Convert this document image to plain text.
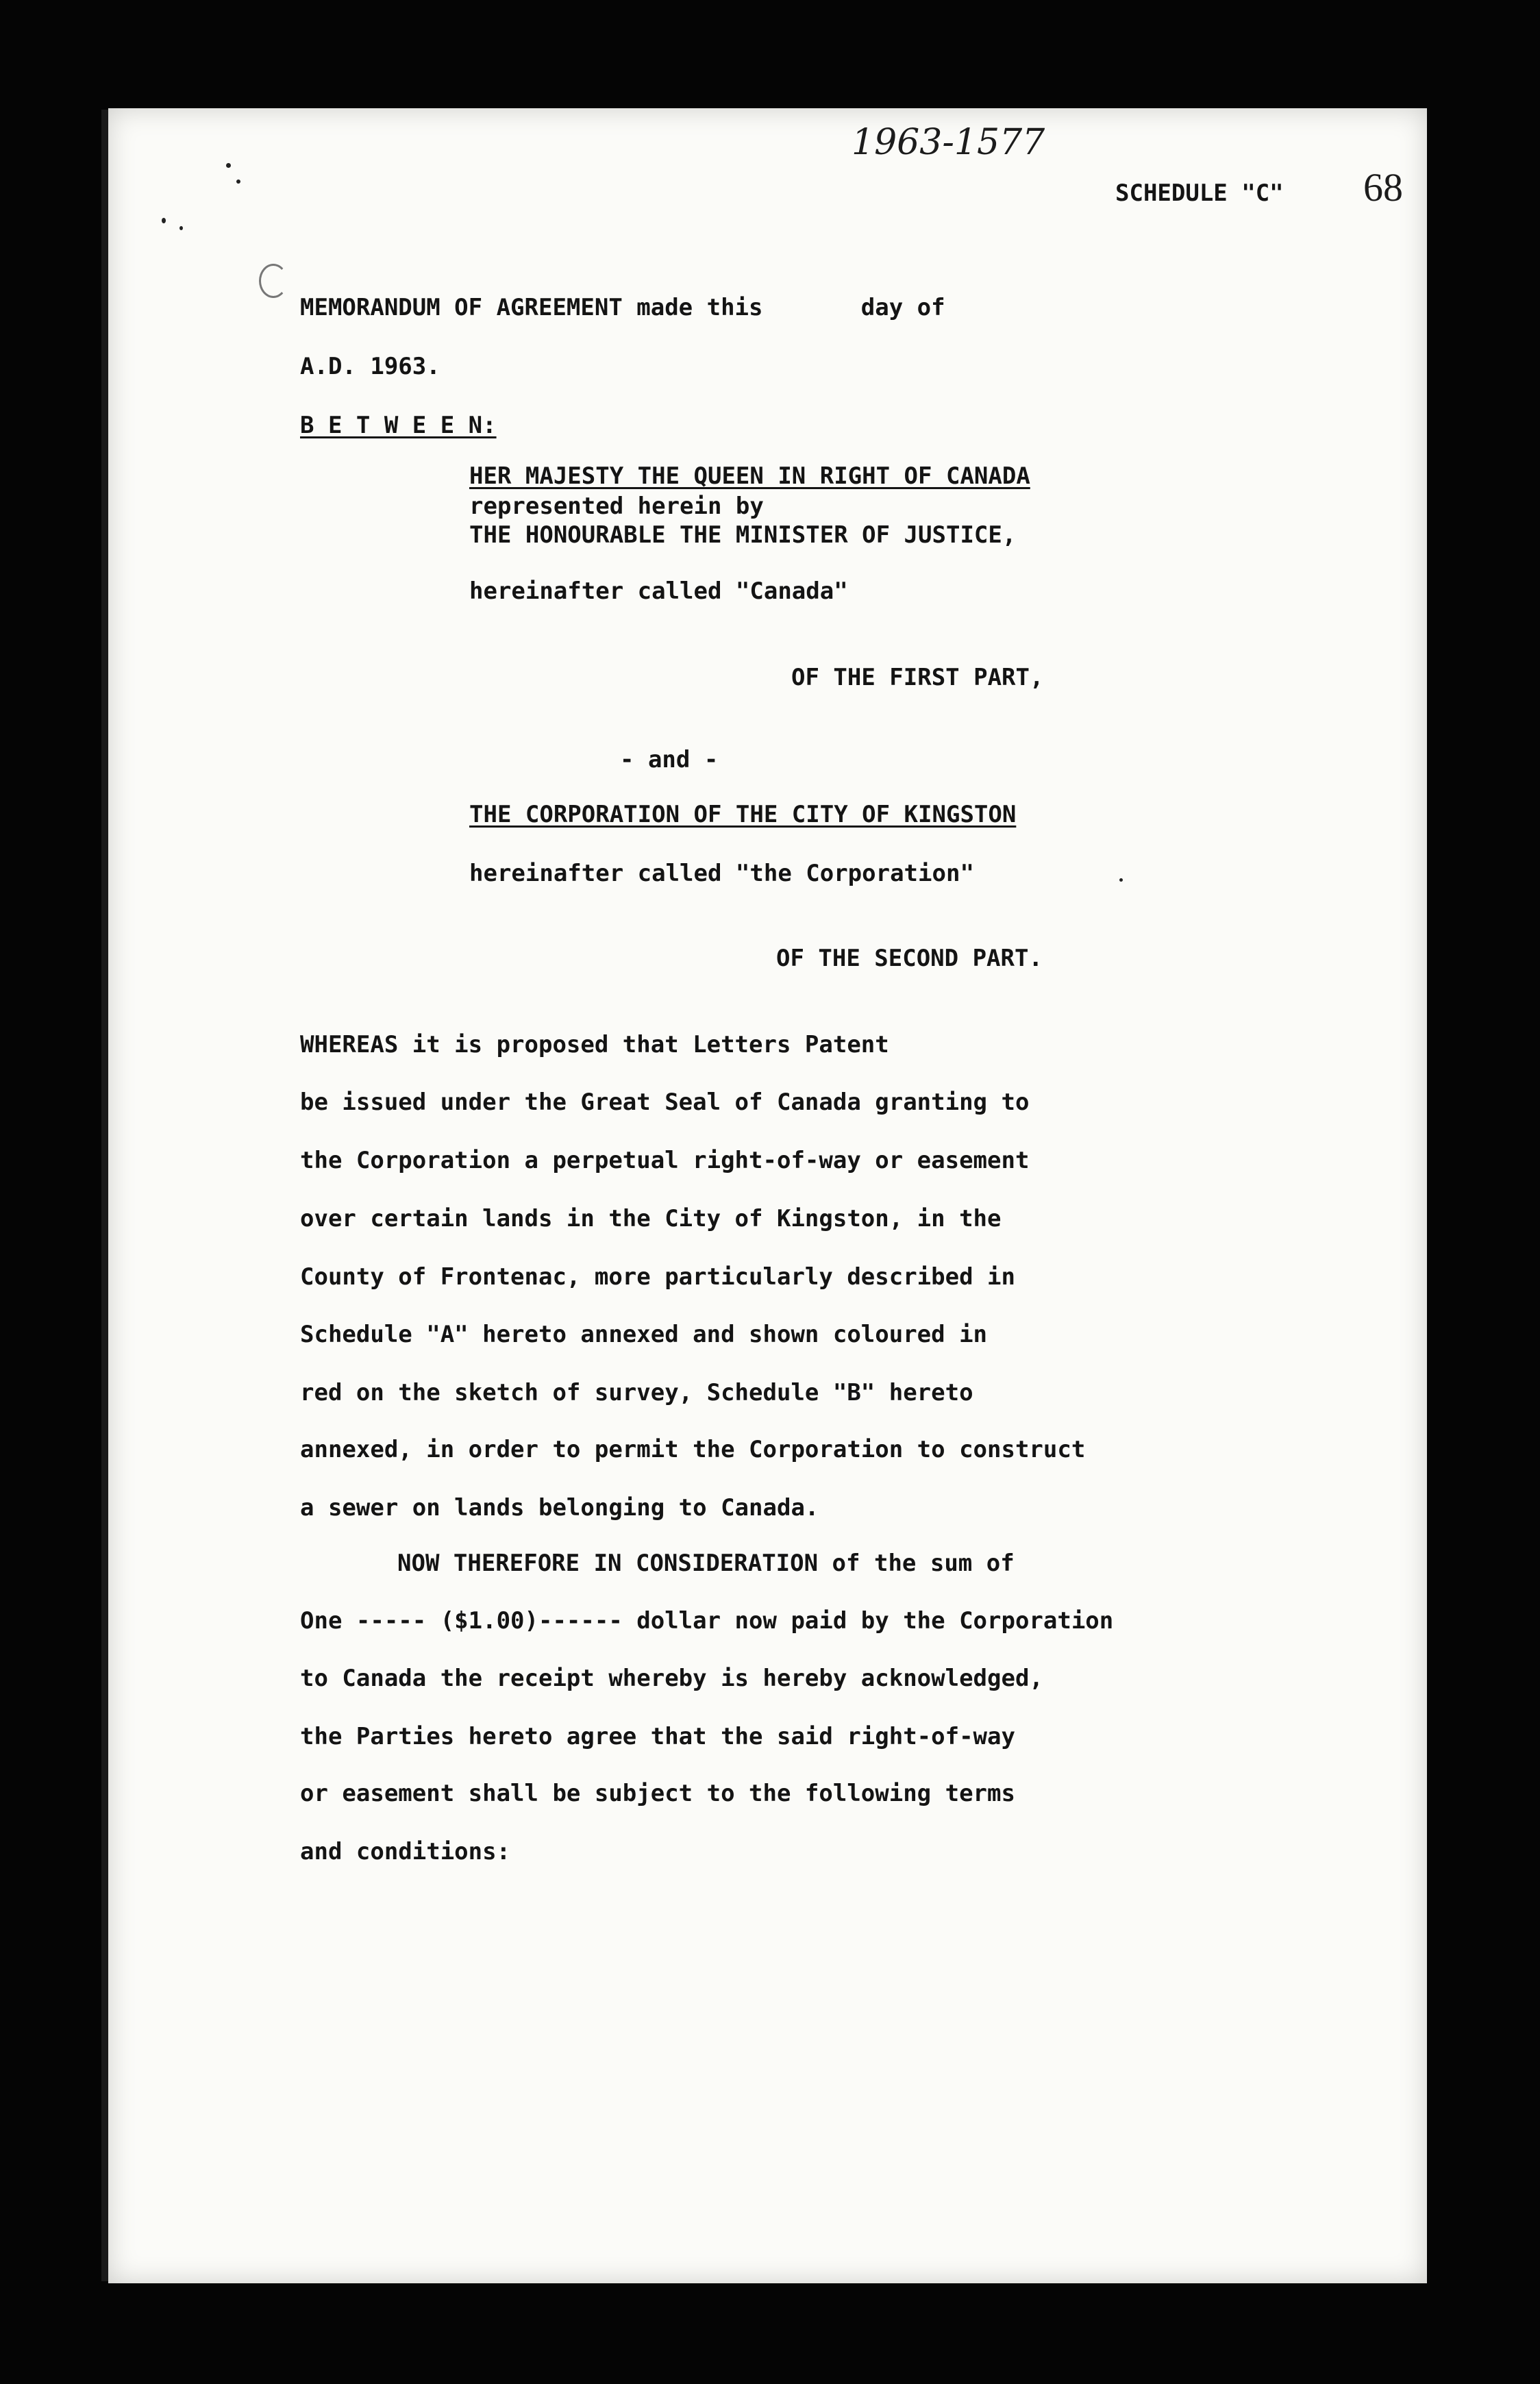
1963-1577
SCHEDULE "C" 68
MEMORANDUM OF AGREEMENT made this       day of
A.D. 1963.
B E T W E E N:
HER MAJESTY THE QUEEN IN RIGHT OF CANADA
represented herein by
THE HONOURABLE THE MINISTER OF JUSTICE,
hereinafter called "Canada"
OF THE FIRST PART,
- and -
THE CORPORATION OF THE CITY OF KINGSTON
hereinafter called "the Corporation"
OF THE SECOND PART.
WHEREAS it is proposed that Letters Patent
be issued under the Great Seal of Canada granting to
the Corporation a perpetual right-of-way or easement
over certain lands in the City of Kingston, in the
County of Frontenac, more particularly described in
Schedule "A" hereto annexed and shown coloured in
red on the sketch of survey, Schedule "B" hereto
annexed, in order to permit the Corporation to construct
a sewer on lands belonging to Canada.
NOW THEREFORE IN CONSIDERATION of the sum of
One ----- ($1.00)------ dollar now paid by the Corporation
to Canada the receipt whereby is hereby acknowledged,
the Parties hereto agree that the said right-of-way
or easement shall be subject to the following terms
and conditions:
